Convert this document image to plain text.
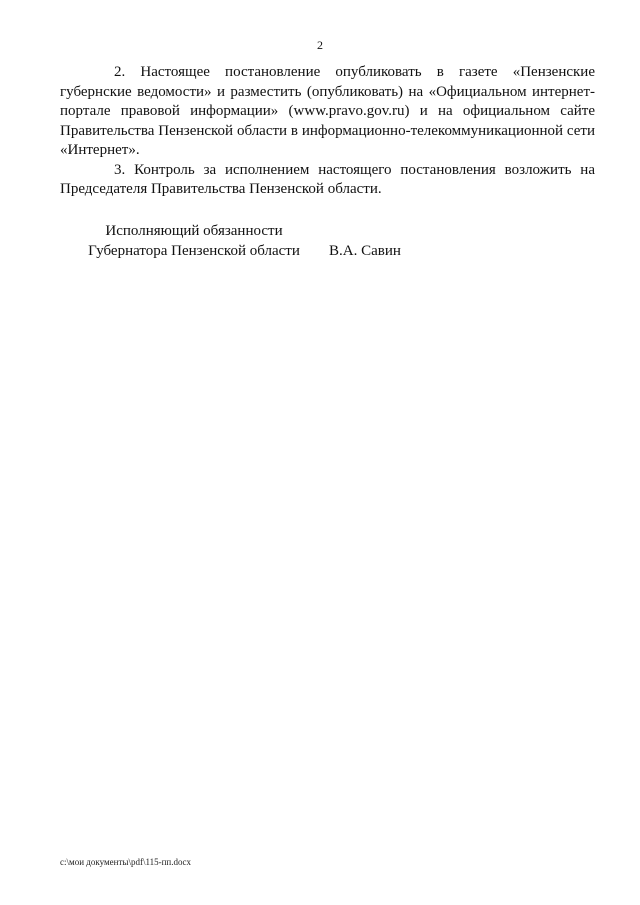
2

2. Настоящее постановление опубликовать в газете «Пензенские губернские ведомости» и разместить (опубликовать) на «Официальном интернет-портале правовой информации» (www.pravo.gov.ru) и на официальном сайте Правительства Пензенской области в информационно-телекоммуникационной сети «Интернет».

3. Контроль за исполнением настоящего постановления возложить на Председателя Правительства Пензенской области.

Исполняющий обязанности
Губернатора Пензенской области В.А. Савин
c:\мои документы\pdf\115-пп.docx
